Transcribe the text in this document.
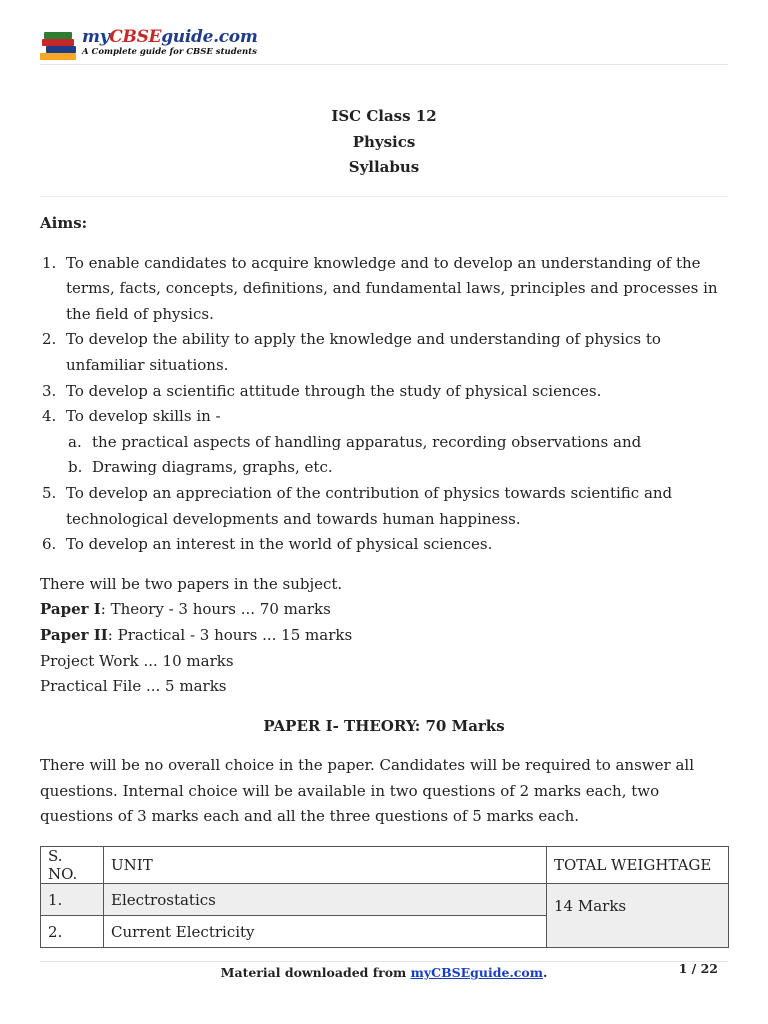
myCBSEguide.com
A Complete guide for CBSE students
ISC Class 12
Physics
Syllabus

Aims:

1. To enable candidates to acquire knowledge and to develop an understanding of the terms, facts, concepts, definitions, and fundamental laws, principles and processes in the field of physics.
2. To develop the ability to apply the knowledge and understanding of physics to unfamiliar situations.
3. To develop a scientific attitude through the study of physical sciences.
4. To develop skills in -
a. the practical aspects of handling apparatus, recording observations and
b. Drawing diagrams, graphs, etc.
5. To develop an appreciation of the contribution of physics towards scientific and technological developments and towards human happiness.
6. To develop an interest in the world of physical sciences.

There will be two papers in the subject.

Paper I: Theory - 3 hours ... 70 marks

Paper II: Practical - 3 hours ... 15 marks

Project Work ... 10 marks

Practical File ... 5 marks

PAPER I- THEORY: 70 Marks

There will be no overall choice in the paper. Candidates will be required to answer all questions. Internal choice will be available in two questions of 2 marks each, two questions of 3 marks each and all the three questions of 5 marks each.

S. NO.	UNIT	TOTAL WEIGHTAGE
1.	Electrostatics	14 Marks
2.	Current Electricity	
Material downloaded from myCBSEguide.com.	1 / 22
